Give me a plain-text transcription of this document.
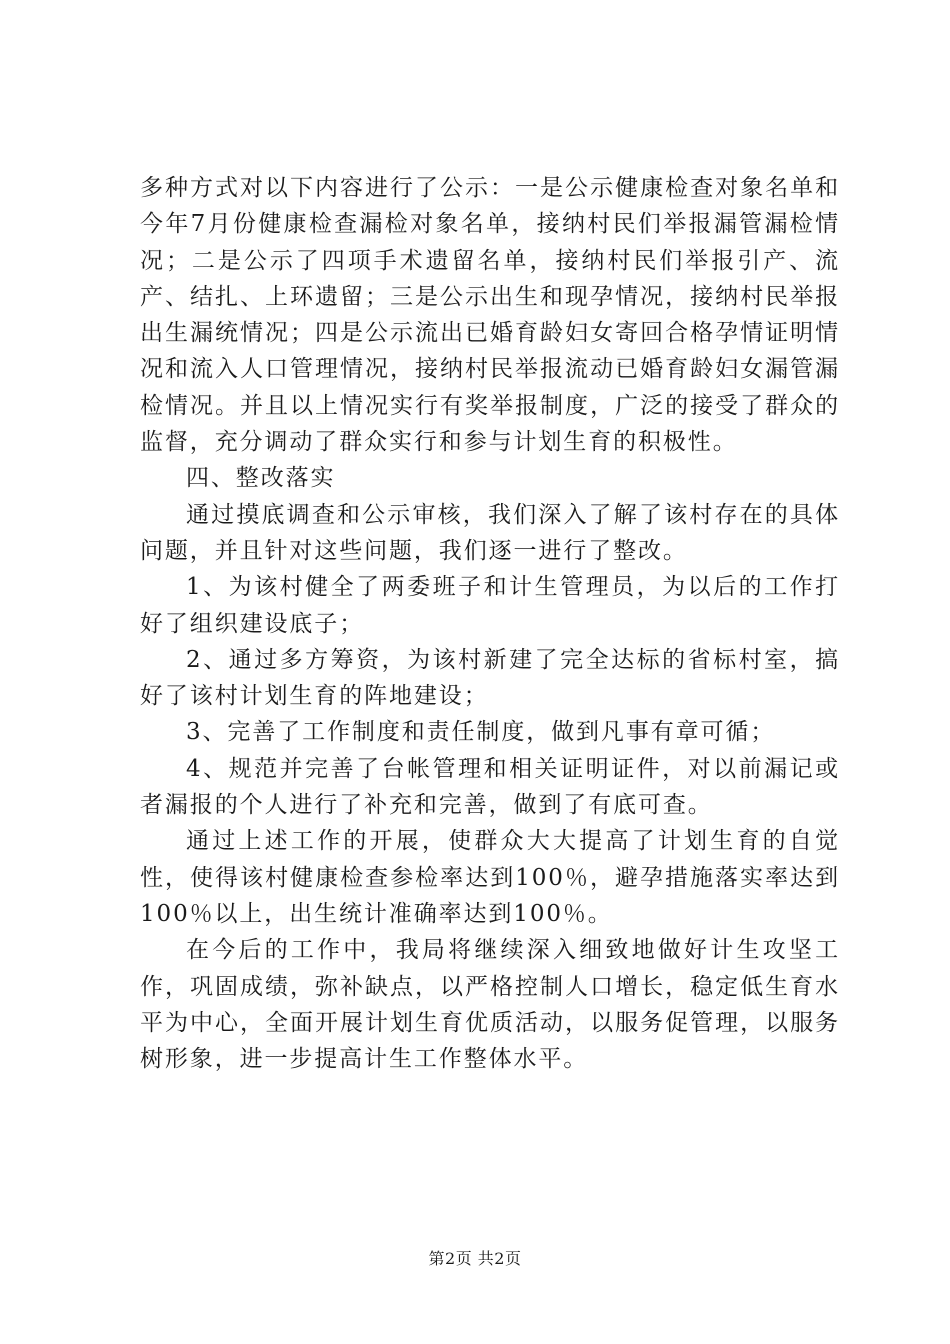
多种方式对以下内容进行了公示：一是公示健康检查对象名单和今年7月份健康检查漏检对象名单，接纳村民们举报漏管漏检情况；二是公示了四项手术遗留名单，接纳村民们举报引产、流产、结扎、上环遗留；三是公示出生和现孕情况，接纳村民举报出生漏统情况；四是公示流出已婚育龄妇女寄回合格孕情证明情况和流入人口管理情况，接纳村民举报流动已婚育龄妇女漏管漏检情况。并且以上情况实行有奖举报制度，广泛的接受了群众的监督，充分调动了群众实行和参与计划生育的积极性。

四、整改落实

通过摸底调查和公示审核，我们深入了解了该村存在的具体问题，并且针对这些问题，我们逐一进行了整改。

1、为该村健全了两委班子和计生管理员，为以后的工作打好了组织建设底子；

2、通过多方筹资，为该村新建了完全达标的省标村室，搞好了该村计划生育的阵地建设；

3、完善了工作制度和责任制度，做到凡事有章可循；

4、规范并完善了台帐管理和相关证明证件，对以前漏记或者漏报的个人进行了补充和完善，做到了有底可查。

通过上述工作的开展，使群众大大提高了计划生育的自觉性，使得该村健康检查参检率达到100％，避孕措施落实率达到100％以上，出生统计准确率达到100％。

在今后的工作中，我局将继续深入细致地做好计生攻坚工作，巩固成绩，弥补缺点，以严格控制人口增长，稳定低生育水平为中心，全面开展计划生育优质活动，以服务促管理，以服务树形象，进一步提高计生工作整体水平。

第2页 共2页
